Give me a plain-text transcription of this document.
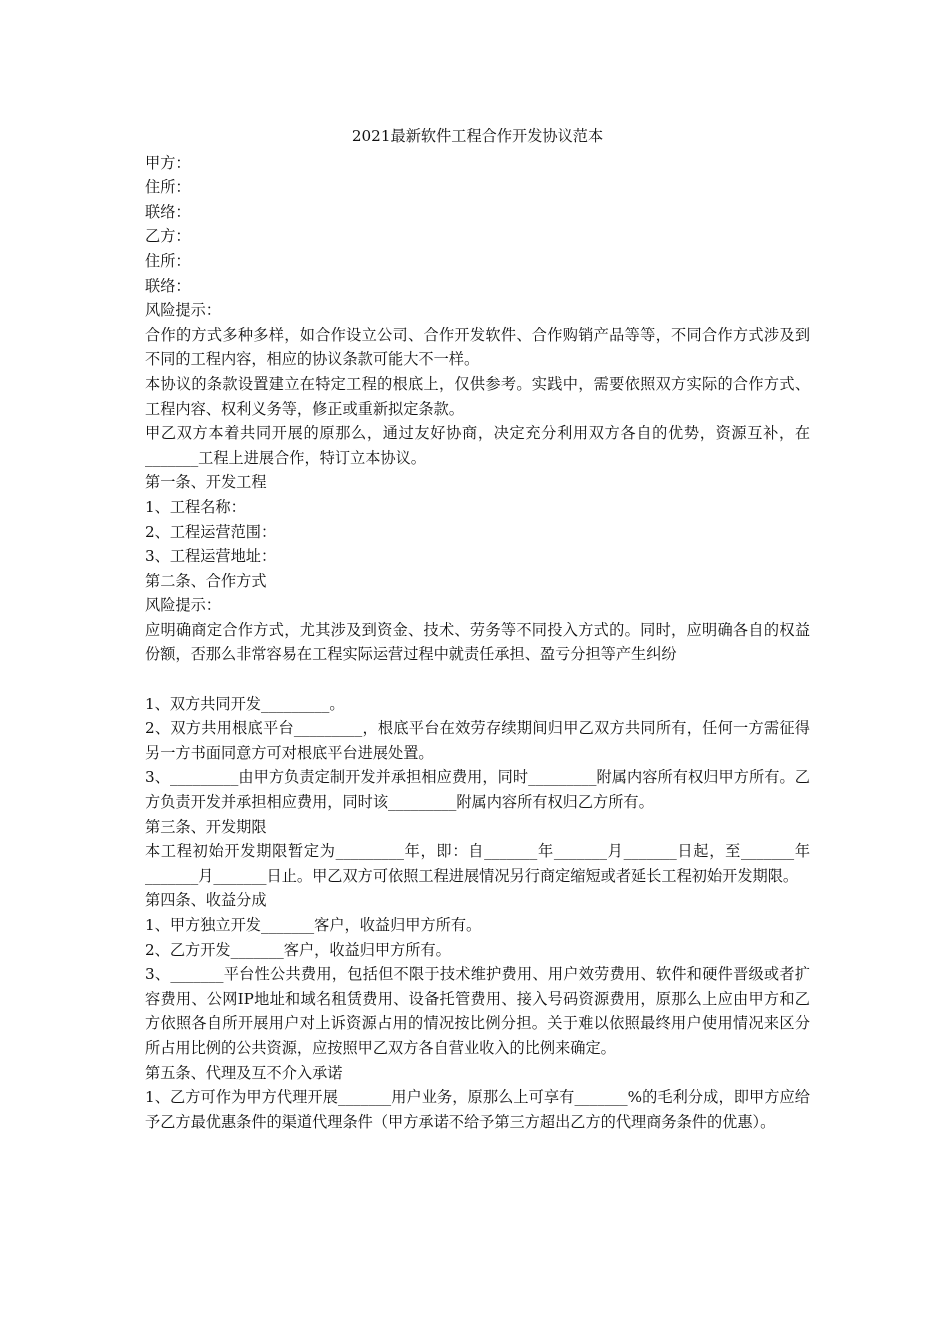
2021最新软件工程合作开发协议范本

甲方：

住所：

联络：

乙方：

住所：

联络：

风险提示：

合作的方式多种多样，如合作设立公司、合作开发软件、合作购销产品等等，不同合作方式涉及到不同的工程内容，相应的协议条款可能大不一样。

本协议的条款设置建立在特定工程的根底上，仅供参考。实践中，需要依照双方实际的合作方式、工程内容、权利义务等，修正或重新拟定条款。

甲乙双方本着共同开展的原那么，通过友好协商，决定充分利用双方各自的优势，资源互补，在_______工程上进展合作，特订立本协议。

第一条、开发工程

1、工程名称：

2、工程运营范围：

3、工程运营地址：

第二条、合作方式

风险提示：

应明确商定合作方式，尤其涉及到资金、技术、劳务等不同投入方式的。同时，应明确各自的权益份额，否那么非常容易在工程实际运营过程中就责任承担、盈亏分担等产生纠纷

1、双方共同开发_________。

2、双方共用根底平台_________，根底平台在效劳存续期间归甲乙双方共同所有，任何一方需征得另一方书面同意方可对根底平台进展处置。

3、_________由甲方负责定制开发并承担相应费用，同时_________附属内容所有权归甲方所有。乙方负责开发并承担相应费用，同时该_________附属内容所有权归乙方所有。

第三条、开发期限

本工程初始开发期限暂定为_________年，即：自_______年_______月_______日起，至_______年_______月_______日止。甲乙双方可依照工程进展情况另行商定缩短或者延长工程初始开发期限。

第四条、收益分成

1、甲方独立开发_______客户，收益归甲方所有。

2、乙方开发_______客户，收益归甲方所有。

3、_______平台性公共费用，包括但不限于技术维护费用、用户效劳费用、软件和硬件晋级或者扩容费用、公网IP地址和域名租赁费用、设备托管费用、接入号码资源费用，原那么上应由甲方和乙方依照各自所开展用户对上诉资源占用的情况按比例分担。关于难以依照最终用户使用情况来区分所占用比例的公共资源，应按照甲乙双方各自营业收入的比例来确定。

第五条、代理及互不介入承诺

1、乙方可作为甲方代理开展_______用户业务，原那么上可享有_______%的毛利分成，即甲方应给予乙方最优惠条件的渠道代理条件（甲方承诺不给予第三方超出乙方的代理商务条件的优惠）。
